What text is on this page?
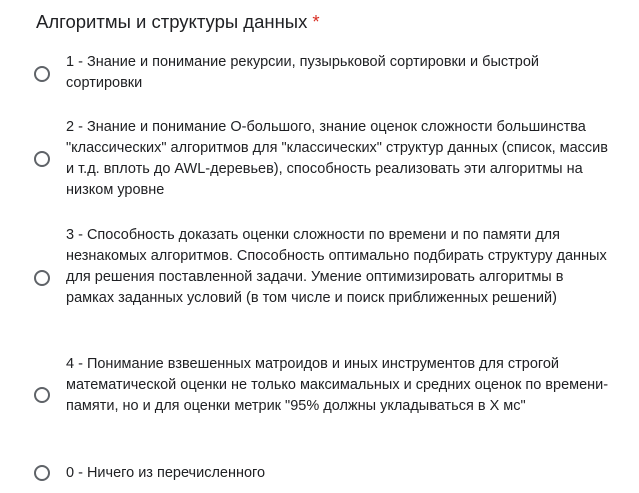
Алгоритмы и структуры данных *
1 - Знание и понимание рекурсии, пузырьковой сортировки и быстрой сортировки
2 - Знание и понимание О-большого, знание оценок сложности большинства "классических" алгоритмов для "классических" структур данных (список, массив и т.д. вплоть до AWL-деревьев), способность реализовать эти алгоритмы на низком уровне
3 - Способность доказать оценки сложности по времени и по памяти для незнакомых алгоритмов. Способность оптимально подбирать структуру данных для решения поставленной задачи. Умение оптимизировать алгоритмы в рамках заданных условий (в том числе и поиск приближенных решений)
4 - Понимание взвешенных матроидов и иных инструментов для строгой математической оценки не только максимальных и средних оценок по времени-памяти, но и для оценки метрик "95% должны укладываться в Х мс"
0 - Ничего из перечисленного
